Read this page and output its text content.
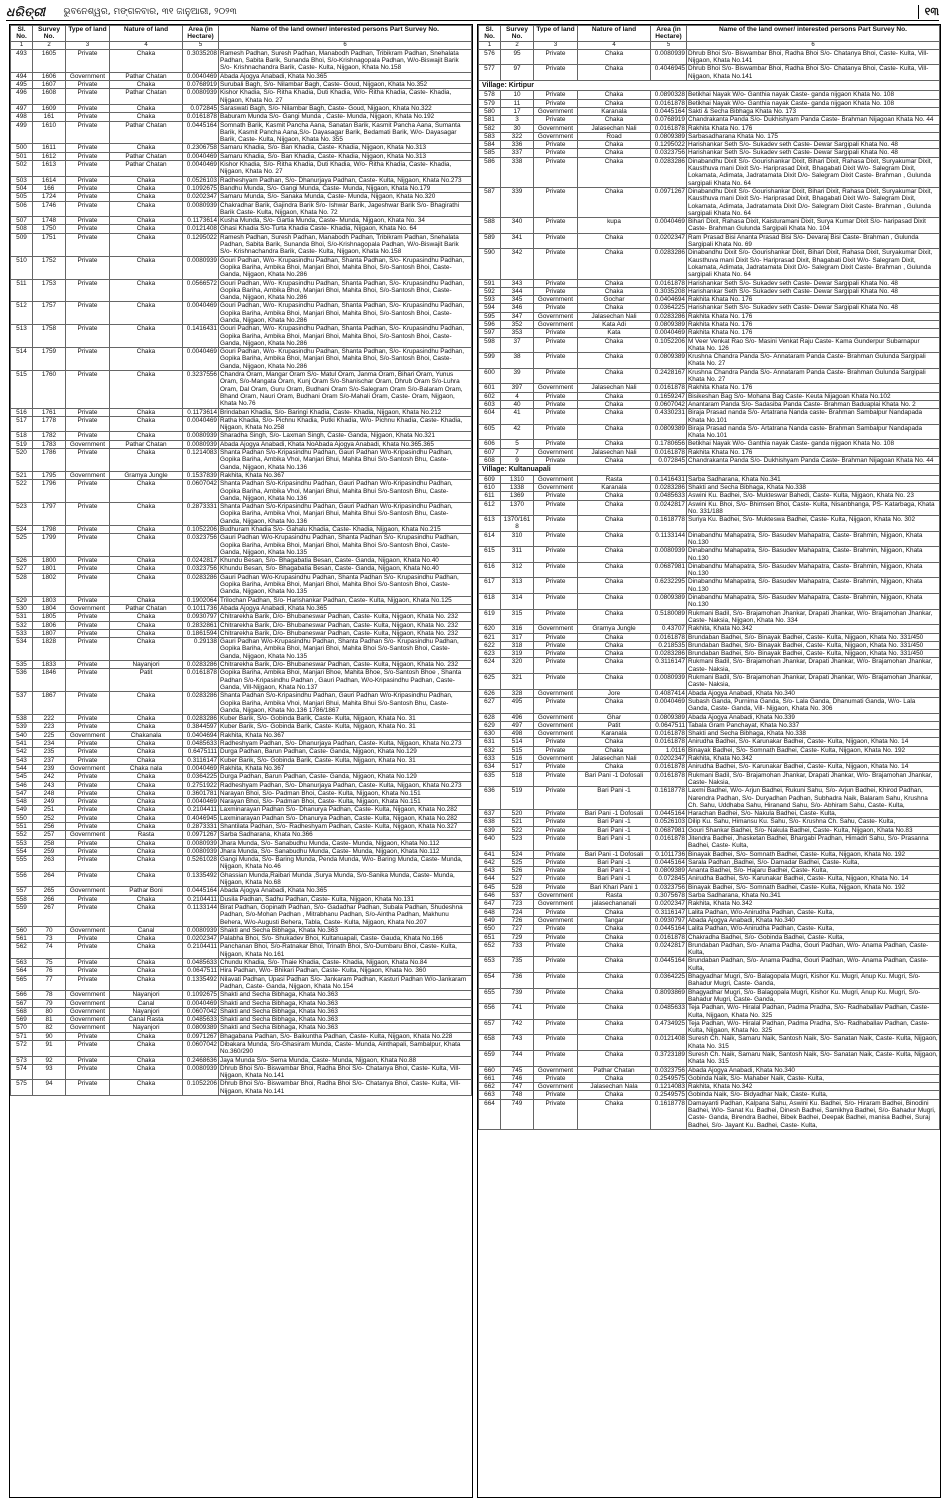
ଧରିତ୍ରୀ ଭୁବନେଶ୍ୱର, ମଙ୍ଗଳବାର, ୩୧ ଜାନୁଆରୀ, ୨୦୨୩	୧୩
Sl. No.	Survey No.	Type of land	Nature of land	Area (in Hectare)	Name of the land owner/ interested persons Part Survey No.
1	2	3	4	5	6
493	1605	Private	Chaka	0.3035208	Ramesh Padhan, Suresh Padhan, Manabodh Padhan, Tribikram Padhan, Snehalata Padhan, Sabita Barik, Sunanda Bhoi, S/o-Krishnagopala Padhan, W/o-Biswajit Barik S/o- Krishnachandra Barik, Caste- Kulta, Nijgaon, Khata No.158
494	1606	Government	Pathar Chatan	0.0040469	Abada Ajogya Anabadi, Khata No.365
495	1607	Private	Chaka	0.0768919	Surubali Bagh, S/o- Nilambar Bagh, Caste- Goud, Nijgaon, Khata No.352
496	1608	Private	Pathar Chatan	0.0080939	Kishor Khadia, S/o- Ritha Khadia, Duti Khadia, W/o- Ritha Khadia, Caste- Khadia, Nijgaon, Khata No. 27
497	1609	Private	Chaka	0.072845	Saraswati Bagh, S/o- Nilambar Bagh, Caste- Goud, Nijgaon, Khata No.322
498	161	Private	Chaka	0.0161878	Baburam Munda S/o- Gangi Munda , Caste- Munda, Nijgaon, Khata No.192
499	1610	Private	Pathar Chatan	0.0445164	Somnath Barik, Kasmit Pancha Aana, Sanatan Barik, Kasmit Pancha Aana, Sumanta Barik, Kasmit Pancha Aana,S/o- Dayasagar Barik, Bedamati Barik, W/o- Dayasagar Barik, Caste- Kulta, Nijgaon, Khata No. 355
500	1611	Private	Chaka	0.2306758	Samaru Khadia, S/o- Ban Khadia, Caste- Khadia, Nijgaon, Khata No.313
501	1612	Private	Pathar Chatan	0.0040469	Samaru Khadia, S/o- Ban Khadia, Caste- Khadia, Nijgaon, Khata No.313
502	1613	Private	Pathar Chatan	0.0040469	Kishor Khadia, S/o- Ritha Khadia, Duti Khadia, W/o- Ritha Khadia, Caste- Khadia, Nijgaon, Khata No. 27
503	1614	Private	Chaka	0.0526103	Radheshyam Padhan, S/o- Dhanurjaya Padhan, Caste- Kulta, Nijgaon, Khata No.273
504	166	Private	Chaka	0.1092675	Bandhu Munda, S/o- Gangi Munda, Caste- Munda, Nijgaon, Khata No.179
505	1724	Private	Chaka	0.0202347	Samaru Munda, S/o- Sanaka Munda, Caste- Munda, Nijgaon, Khata No.320
506	1746	Private	Chaka	0.0080939	Chakradhar Barik, Gajindra Barik S/o- Ishwar Barik, Jageshwar Barik S/o- Bhagirathi Barik Caste- Kulta, Nijgaon, Khata No. 72
507	1748	Private	Chaka	0.1173614	Kusha Munda, S/o- Gartia Munda, Caste- Munda, Nijgaon, Khata No. 34
508	1750	Private	Chaka	0.0121408	Ghasi Khadia S/o-Turta Khadia Caste- Khadia, Nijgaon, Khata No. 64
509	1751	Private	Chaka	0.1295022	Ramesh Padhan, Suresh Padhan, Manabodh Padhan, Tribikram Padhan, Snehalata Padhan, Sabita Barik, Sunanda Bhoi, S/o-Krishnagopala Padhan, W/o-Biswajit Barik S/o- Krishnachandra Barik, Caste- Kulta, Nijgaon, Khata No.158
510	1752	Private	Chaka	0.0080939	Gouri Padhan, W/o- Krupasindhu Padhan, Shanta Padhan, S/o- Krupasindhu Padhan, Gopika Bariha, Ambika Bhoi, Manjari Bhoi, Mahita Bhoi, S/o-Santosh Bhoi, Caste- Ganda, Nijgaon, Khata No.286
511	1753	Private	Chaka	0.0566572	Gouri Padhan, W/o- Krupasindhu Padhan, Shanta Padhan, S/o- Krupasindhu Padhan, Gopika Bariha, Ambika Bhoi, Manjari Bhoi, Mahita Bhoi, S/o-Santosh Bhoi, Caste- Ganda, Nijgaon, Khata No.286
512	1757	Private	Chaka	0.0040469	Gouri Padhan, W/o- Krupasindhu Padhan, Shanta Padhan, S/o- Krupasindhu Padhan, Gopika Bariha, Ambika Bhoi, Manjari Bhoi, Mahita Bhoi, S/o-Santosh Bhoi, Caste- Ganda, Nijgaon, Khata No.286
513	1758	Private	Chaka	0.1416431	Gouri Padhan, W/o- Krupasindhu Padhan, Shanta Padhan, S/o- Krupasindhu Padhan, Gopika Bariha, Ambika Bhoi, Manjari Bhoi, Mahita Bhoi, S/o-Santosh Bhoi, Caste- Ganda, Nijgaon, Khata No.286
514	1759	Private	Chaka	0.0040469	Gouri Padhan, W/o- Krupasindhu Padhan, Shanta Padhan, S/o- Krupasindhu Padhan, Gopika Bariha, Ambika Bhoi, Manjari Bhoi, Mahita Bhoi, S/o-Santosh Bhoi, Caste- Ganda, Nijgaon, Khata No.286
515	1760	Private	Chaka	0.3237556	Chandra Oram, Mangar Oram S/o- Matul Oram, Janma Oram, Bihari Oram, Yunus Oram, S/o-Mangata Oram, Kunj Oram S/o-Shanischar Oram, Dhrub Oram S/o-Luhra Oram, Dal Oram, Guru Oram, Budhani Oram S/o-Salegram Oram S/o-Balaram Oram, Bhand Oram, Nauri Oram, Budhani Oram S/o-Mahali Oram, Caste- Oram, Nijgaon, Khata No.76
516	1761	Private	Chaka	0.1173614	Brindaban Khadia, S/o- Baringi Khadia, Caste- Khadia, Nijgaon, Khata No.212
517	1778	Private	Chaka	0.0040469	Ratha Khadia, S/o- Pichnu Khadia, Putki Khadia, W/o- Pichnu Khadia, Caste- Khadia, Nijgaon, Khata No.258
518	1782	Private	Chaka	0.0080939	Sharadha Singh, S/o- Laxman Singh, Caste- Ganda, Nijgaon, Khata No.321
519	1783	Government	Pathar Chatan	0.0080939	Abada Ajogya Anabadi, Khata NoAbada Ajogya Anabadi, Khata No.365.365
520	1786	Private	Chaka	0.1214083	Shanta Padhan S/o-Kripasindhu Padhan, Gauri Padhan W/o-Kripasindhu Padhan, Gopika Bariha, Ambika Vhoi, Manjari Bhui, Mahita Bhui S/o-Santosh Bhu, Caste- Ganda, Nijgaon, Khata No.136
521	1795	Government	Gramya Jungle	0.1537839	Rakhita, Khata No.367
522	1796	Private	Chaka	0.0607042	Shanta Padhan S/o-Kripasindhu Padhan, Gauri Padhan W/o-Kripasindhu Padhan, Gopika Bariha, Ambika Vhoi, Manjari Bhui, Mahita Bhui S/o-Santosh Bhu, Caste- Ganda, Nijgaon, Khata No.136
523	1797	Private	Chaka	0.2873331	Shanta Padhan S/o-Kripasindhu Padhan, Gauri Padhan W/o-Kripasindhu Padhan, Gopika Bariha, Ambika Vhoi, Manjari Bhui, Mahita Bhui S/o-Santosh Bhu, Caste- Ganda, Nijgaon, Khata No.136
524	1798	Private	Chaka	0.1052206	Budhuram Khadia S/o- Gahalu Khadia, Caste- Khadia, Nijgaon, Khata No.215
525	1799	Private	Chaka	0.0323756	Gauri Padhan W/o-Krupasindhu Padhan, Shanta Padhan S/o- Krupasindhu Padhan, Gopika Bariha, Ambika Bhoi, Manjari Bhoi, Mahita Bhoi S/o-Santosh Bhoi, Caste- Ganda, Nijgaon, Khata No.135
526	1800	Private	Chaka	0.0242817	Khundu Besan, S/o- Bhagabatia Besan, Caste- Ganda, Nijgaon, Khata No.40
527	1801	Private	Chaka	0.0323756	Khundu Besan, S/o- Bhagabatia Besan, Caste- Ganda, Nijgaon, Khata No.40
528	1802	Private	Chaka	0.0283286	Gauri Padhan W/o-Krupasindhu Padhan, Shanta Padhan S/o- Krupasindhu Padhan, Gopika Bariha, Ambika Bhoi, Manjari Bhoi, Mahita Bhoi S/o-Santosh Bhoi, Caste- Ganda, Nijgaon, Khata No.135
529	1803	Private	Chaka	0.1902064	Trilochan Padhan, S/o- Harishankar Padhan, Caste- Kulta, Nijgaon, Khata No.125
530	1804	Government	Pathar Chatan	0.1011736	Abada Ajogya Anabadi, Khata No.365
531	1805	Private	Chaka	0.0930797	Chitrarekha Barik, D/o- Bhubaneswar Padhan, Caste- Kulta, Nijgaon, Khata No. 232
532	1806	Private	Chaka	0.2832861	Chitrarekha Barik, D/o- Bhubaneswar Padhan, Caste- Kulta, Nijgaon, Khata No. 232
533	1807	Private	Chaka	0.1861594	Chitrarekha Barik, D/o- Bhubaneswar Padhan, Caste- Kulta, Nijgaon, Khata No. 232
534	1828	Private	Chaka	0.29138	Gauri Padhan W/o-Krupasindhu Padhan, Shanta Padhan S/o- Krupasindhu Padhan, Gopika Bariha, Ambika Bhoi, Manjari Bhoi, Mahita Bhoi S/o-Santosh Bhoi, Caste- Ganda, Nijgaon, Khata No.135
535	1833	Private	Nayanjori	0.0283286	Chitrarekha Barik, D/o- Bhubaneswar Padhan, Caste- Kulta, Nijgaon, Khata No. 232
536	1846	Private	Patit	0.0161878	Gopika Bariha, Ambika Bhoi, Manjari Bhoe, Mahita Bhoe, S/o-Santosh Bhoe , Shanta Padhan S/o-Kripasindhu Padhan , Gauri Padhan, W/o-Kripasindhu Padhan, Caste- Ganda, Vill-Nijgaon, Khata No.137
537	1867	Private	Chaka	0.0283286	Shanta Padhan S/o-Kripasindhu Padhan, Gauri Padhan W/o-Kripasindhu Padhan, Gopika Bariha, Ambika Vhoi, Manjari Bhui, Mahita Bhui S/o-Santosh Bhu, Caste- Ganda, Nijgaon, Khata No.136 1786/1867
538	222	Private	Chaka	0.0283286	Kuber Barik, S/o- Gobinda Barik, Caste- Kulta, Nijgaon, Khata No. 31
539	223	Private	Chaka	0.3844597	Kuber Barik, S/o- Gobinda Barik, Caste- Kulta, Nijgaon, Khata No. 31
540	225	Government	Chakanala	0.0404694	Rakhita, Khata No.367
541	234	Private	Chaka	0.0485633	Radheshyam Padhan, S/o- Dhanurjaya Padhan, Caste- Kulta, Nijgaon, Khata No.273
542	235	Private	Chaka	0.6475111	Durga Padhan, Barun Padhan, Caste- Ganda, Nijgaon, Khata No.129
543	237	Private	Chaka	0.3116147	Kuber Barik, S/o- Gobinda Barik, Caste- Kulta, Nijgaon, Khata No. 31
544	239	Government	Chaka nala	0.0040469	Rakhita, Khata No.367
545	242	Private	Chaka	0.0364225	Durga Padhan, Barun Padhan, Caste- Ganda, Nijgaon, Khata No.129
546	243	Private	Chaka	0.2751922	Radheshyam Padhan, S/o- Dhanurjaya Padhan, Caste- Kulta, Nijgaon, Khata No.273
547	248	Private	Chaka	0.3601781	Narayan Bhoi, S/o- Padman Bhoi, Caste- Kulta, Nijgaon, Khata No.151
548	249	Private	Chaka	0.0040469	Narayan Bhoi, S/o- Padman Bhoi, Caste- Kulta, Nijgaon, Khata No.151
549	251	Private	Chaka	0.2104411	Laxminarayan Padhan S/o- Dhanurya Padhan, Caste- Kulta, Nijgaon, Khata No.282
550	252	Private	Chaka	0.4046945	Laxminarayan Padhan S/o- Dhanurya Padhan, Caste- Kulta, Nijgaon, Khata No.282
551	256	Private	Chaka	0.2873331	Shantilata Padhan, S/o- Radheshyam Padhan, Caste- Kulta, Nijgaon, Khata No.327
552	257	Government	Rasta	0.0971267	Sarba Sadharana, Khata No.366
553	258	Private	Chaka	0.0080939	Jhara Munda, S/o- Sanabudhu Munda, Caste- Munda, Nijgaon, Khata No.112
554	259	Private	Chaka	0.0080939	Jhara Munda, S/o- Sanabudhu Munda, Caste- Munda, Nijgaon, Khata No.112
555	263	Private	Chaka	0.5261028	Gangi Munda, S/o- Baring Munda, Penda Munda, W/o- Baring Munda, Caste- Munda, Nijgaon, Khata No.46
556	264	Private	Chaka	0.1335492	Ghassian Munda,Raibari Munda ,Surya Munda, S/o-Sanika Munda, Caste- Munda, Nijgaon, Khata No.68
557	265	Government	Pathar Boni	0.0445164	Abada Ajogya Anabadi, Khata No.365
558	266	Private	Chaka	0.2104411	Dusila Padhan, Sadhu Padhan, Caste- Kulta, Nijgaon, Khata No.131
559	267	Private	Chaka	0.1133144	Birat Padhan, Gopinath Padhan, S/o- Gadadhar Padhan, Subala Padhan, Shudeshna Padhan, S/o-Mohan Padhan , Mitrabhanu Padhan, S/o-Aintha Padhan, Makhunu Behera, W/o-Augusti Behera, Tabla, Caste- Kulta, Nijgaon, Khata No.207
560	70	Government	Canal	0.0080939	Shakti and Secha Bibhaga, Khata No.363
561	73	Private	Chaka	0.0202347	Palabha Bhoi, S/o- Shukadev Bhoi, Kultanuapali, Caste- Gauda, Khata No.166
562	74	Private	Chaka	0.2104411	Panchanan Bhoi, S/o-Ratnakar Bhoi, Trinath Bhoi, S/o-Dumbaru Bhoi, Caste- Kulta, Nijgaon, Khata No.161
563	75	Private	Chaka	0.0485633	Chundu Khadia, S/o- Thaie Khadia, Caste- Khadia, Nijgaon, Khata No.84
564	76	Private	Chaka	0.0647511	Hira Padhan, W/o- Bhikari Padhan, Caste- Kulta, Nijgaon, Khata No. 360
565	77	Private	Chaka	0.1335492	Nilavati Padhan, Upasi Padhan S/o- Jankaram Padhan, Kasturi Padhan W/o-Jankaram Padhan, Caste- Ganda, Nijgaon, Khata No.154
566	78	Government	Nayanjori	0.1092675	Shakti and Secha Bibhaga, Khata No.363
567	79	Government	Canal	0.0040469	Shakti and Secha Bibhaga, Khata No.363
568	80	Government	Nayanjori	0.0607042	Shakti and Secha Bibhaga, Khata No.363
569	81	Government	Canal Rasta	0.0485633	Shakti and Secha Bibhaga, Khata No.363
570	82	Government	Nayanjori	0.0809389	Shakti and Secha Bibhaga, Khata No.363
571	90	Private	Chaka	0.0971267	Bhagabana Padhan, S/o- Baikuntha Padhan, Caste- Kulta, Nijgaon, Khata No.228
572	91	Private	Chaka	0.0607042	Dibakara Munda, S/o-Ghasiram Munda, Caste- Munda, Ainthapali, Sambalpur, Khata No.360/290
573	92	Private	Chaka	0.2468636	Jaya Munda S/o- Sema Munda, Caste- Munda, Nijgaon, Khata No.88
574	93	Private	Chaka	0.0080939	Dhrub Bhoi S/o- Biswambar Bhoi, Radha Bhoi S/o- Chatanya Bhoi, Caste- Kulta, Vill-Nijgaon, Khata No.141
575	94	Private	Chaka	0.1052206	Dhrub Bhoi S/o- Biswambar Bhoi, Radha Bhoi S/o- Chatanya Bhoi, Caste- Kulta, Vill-Nijgaon, Khata No.141
Sl. No.	Survey No.	Type of land	Nature of land	Area (in Hectare)	Name of the land owner/ interested persons Part Survey No.
1	2	3	4	5	6
576	95	Private	Chaka	0.0080939	Dhrub Bhoi S/o- Biswambar Bhoi, Radha Bhoi S/o- Chatanya Bhoi, Caste- Kulta, Vill-Nijgaon, Khata No.141
577	97	Private	Chaka	0.4046945	Dhrub Bhoi S/o- Biswambar Bhoi, Radha Bhoi S/o- Chatanya Bhoi, Caste- Kulta, Vill-Nijgaon, Khata No.141
Village: Kirtipur					
578	10	Private	Chaka	0.0890328	Betikhai Nayak W/o- Ganthia nayak Caste- ganda nijgaon Khata No. 108
579	11	Private	Chaka	0.0161878	Betikhai Nayak W/o- Ganthia nayak Caste- ganda nijgaon Khata No. 108
580	17	Government	Karanala	0.0445164	Sakti & Secha Bibhaga Khata No. 173
581	3	Private	Chaka	0.0768919	Chandrakanta Panda S/o- Dukhishyam Panda Caste- Brahman Nijagoan Khata No. 44
582	30	Government	Jalasechan Nali	0.0161878	Rakhita Khata No. 176
583	322	Government	Road	0.0809389	Sarbasadharana Khata No. 175
584	336	Private	Chaka	0.1295022	Harishankar Seth S/o- Sukadev seth Caste- Dewar Sargipali Khata No. 48
585	337	Private	Chaka	0.0323756	Harishankar Seth S/o- Sukadev seth Caste- Dewar Sargipali Khata No. 48
586	338	Private	Chaka	0.0283286	Dinabandhu Dixit S/o- Gourishankar Dixit, Bihari Dixit, Rahasa Dixit, Suryakumar Dixit, Kausthuva mani Dixit S/o- Hariprasad Dixit, Bhagabati Dixit W/o- Salegram Dixit, Lokamata, Adimata, Jadratamata Dixit D/o- Salegram Dixit Caste- Brahman , Gulunda sargipali Khata No. 64
587	339	Private	Chaka	0.0971267	Dinabandhu Dixit S/o- Gourishankar Dixit, Bihari Dixit, Rahasa Dixit, Suryakumar Dixit, Kausthuva mani Dixit S/o- Hariprasad Dixit, Bhagabati Dixit W/o- Salegram Dixit, Lokamata, Adimata, Jadratamata Dixit D/o- Salegram Dixit Caste- Brahman , Gulunda sargipali Khata No. 64
588	340	Private	kupa	0.0040469	Bihari Dixit, Rahasa Dixit, Kaisturamani Dixit, Surya Kumar Dixit S/o- haripasad Dixit Caste- Brahman Gulunda Sargipali Khata No. 104
589	341	Private	Chaka	0.0202347	Ram Prasad Bisi Ananta Prasad Bisi S/o- Devaraj Bisi Caste- Brahman , Gulunda Sargipali Khata No. 69
590	342	Private	Chaka	0.0283286	Dinabandhu Dixit S/o- Gourishankar Dixit, Bihari Dixit, Rahasa Dixit, Suryakumar Dixit, Kausthuva mani Dixit S/o- Hariprasad Dixit, Bhagabati Dixit W/o- Salegram Dixit, Lokamata, Adimata, Jadratamata Dixit D/o- Salegram Dixit Caste- Brahman , Gulunda sargipali Khata No. 64
591	343	Private	Chaka	0.0161878	Harishankar Seth S/o- Sukadev seth Caste- Dewar Sargipali Khata No. 48
592	344	Private	Chaka	0.3035208	Harishankar Seth S/o- Sukadev seth Caste- Dewar Sargipali Khata No. 48
593	345	Government	Gochar	0.0404694	Rakhita Khata No. 176
594	346	Private	Chaka	0.0364225	Harishankar Seth S/o- Sukadev seth Caste- Dewar Sargipali Khata No. 48
595	347	Government	Jalasechan Nali	0.0283286	Rakhita Khata No. 176
596	352	Government	Kata Adi	0.0809389	Rakhita Khata No. 176
597	353	Private	Kata	0.0040469	Rakhita Khata No. 176
598	37	Private	Chaka	0.1052206	M Veer Venkat Rao S/o- Masini Venkat Raju Caste- Kama Gunderpur Subarnapur Khata No. 126
599	38	Private	Chaka	0.0809389	Krushna Chandra Panda S/o- Annataram Panda Caste- Brahman Gulunda Sargipali Khata No. 27
600	39	Private	Chaka	0.2428167	Krushna Chandra Panda S/o- Annataram Panda Caste- Brahman Gulunda Sargipali Khata No. 27
601	397	Government	Jalasechan Nali	0.0161878	Rakhita Khata No. 176
602	4	Private	Chaka	0.1659247	Bisikeshan Bag S/o- Mohana Bag Caste- Keuta Nijagoan Khata No.102
603	40	Private	Chaka	0.0607042	Anantaram Panda S/o- Sadasiba Panda Caste- Brahman Baduaplai Khata No. 2
604	41	Private	Chaka	0.4330231	Biraja Prasad nanda S/o- Artatrana Nanda caste- Brahman Sambalpur Nandapada Khata No.101
605	42	Private	Chaka	0.0809389	Biraja Prasad nanda S/o- Artatrana Nanda caste- Brahman Sambalpur Nandapada Khata No.101
606	5	Private	Chaka	0.1780656	Betikhai Nayak W/o- Ganthia nayak Caste- ganda nijgaon Khata No. 108
607	7	Government	Jalasechan Nali	0.0161878	Rakhita Khata No. 176
608	9	Private	Chaka	0.072845	Chandrakanta Panda S/o- Dukhishyam Panda Caste- Brahman Nijagoan Khata No. 44
Village: Kultanuapali					
609	1310	Government	Rasta	0.1416431	Sarba Sadharana, Khata No.341
610	1338	Government	Karanala	0.0283286	Shakti and Secha Bibhaga, Khata No.338
611	1369	Private	Chaka	0.0485633	Aswini Ku. Badhei, S/o- Mukteswar Bahedi, Caste- Kulta, Nijgaon, Khata No. 23
612	1370	Private	Chaka	0.0242817	Aswini Ku. Bhoi, S/o- Bhimsen Bhoi, Caste- Kulta, Nisanbhanga, PS- Katarbaga, Khata No. 331/188
613	1370/1618	Private	Chaka	0.1618778	Suriya Ku. Badhei, S/o- Mukteswa Badhei, Caste- Kulta, Nijgaon, Khata No. 302
614	310	Private	Chaka	0.1133144	Dinabandhu Mahapatra, S/o- Basudev Mahapatra, Caste- Brahmin, Nijgaon, Khata No.130
615	311	Private	Chaka	0.0080939	Dinabandhu Mahapatra, S/o- Basudev Mahapatra, Caste- Brahmin, Nijgaon, Khata No.130
616	312	Private	Chaka	0.0687981	Dinabandhu Mahapatra, S/o- Basudev Mahapatra, Caste- Brahmin, Nijgaon, Khata No.130
617	313	Private	Chaka	0.6232295	Dinabandhu Mahapatra, S/o- Basudev Mahapatra, Caste- Brahmin, Nijgaon, Khata No.130
618	314	Private	Chaka	0.0809389	Dinabandhu Mahapatra, S/o- Basudev Mahapatra, Caste- Brahmin, Nijgaon, Khata No.130
619	315	Private	Chaka	0.5180089	Rukmani Badil, S/o- Brajamohan Jhankar, Drapati Jhankar, W/o- Brajamohan Jhankar, Caste- Naksia, Nijgaon, Khata No. 334
620	316	Government	Gramya Jungle	0.43707	Rakhita, Khata No.342
621	317	Private	Chaka	0.0161878	Brundaban Badhei, S/o- Binayak Badhei, Caste- Kulta, Nijgaon, Khata No. 331/450
622	318	Private	Chaka	0.218535	Brundaban Badhei, S/o- Binayak Badhei, Caste- Kulta, Nijgaon, Khata No. 331/450
623	319	Private	Chaka	0.0283286	Brundaban Badhei, S/o- Binayak Badhei, Caste- Kulta, Nijgaon, Khata No. 331/450
624	320	Private	Chaka	0.3116147	Rukmani Badil, S/o- Brajamohan Jhankar, Drapati Jhankar, W/o- Brajamohan Jhankar, Caste- Naksia,
625	321	Private	Chaka	0.0080939	Rukmani Badil, S/o- Brajamohan Jhankar, Drapati Jhankar, W/o- Brajamohan Jhankar, Caste- Naksia,
626	328	Government	Jore	0.4087414	Abada Ajogya Anabadi, Khata No.340
627	495	Private	Chaka	0.0040469	Subash Ganda, Purnima Ganda, S/o- Lala Ganda, Dhanumati Ganda, W/o- Lala Ganda, Caste- Ganda, Vill- Nijgaon, Khata No. 306
628	496	Government	Ghar	0.0809389	Abada Ajogya Anabadi, Khata No.339
629	497	Government	Patit	0.0647511	Tabala Gram Panchayat, Khata No.337
630	498	Government	Karanala	0.0161878	Shakti and Secha Bibhaga, Khata No.338
631	514	Private	Chaka	0.0161878	Anirudha Badhei, S/o- Karunakar Badhei, Caste- Kulta, Nijgaon, Khata No. 14
632	515	Private	Chaka	1.0116	Binayak Badhei, S/o- Somnath Badhei, Caste- Kulta, Nijgaon, Khata No. 192
633	516	Government	Jalasechan Nali	0.0202347	Rakhita, Khata No.342
634	517	Private	Chaka	0.0161878	Anirudha Badhei, S/o- Karunakar Badhei, Caste- Kulta, Nijgaon, Khata No. 14
635	518	Private	Bari Pani -1 Dofosali	0.0161878	Rukmani Badil, S/o- Brajamohan Jhankar, Drapati Jhankar, W/o- Brajamohan Jhankar, Caste- Naksia,
636	519	Private	Bari Pani -1	0.1618778	Laxmi Badhei, W/o- Arjun Badhei, Rukuni Sahu, S/o- Arjun Badhei, Khirod Padhan, Narendra Padhan, S/o- Duryadhan Padhan, Subhadra Naik, Balaram Sahu, Krushna Ch. Sahu, Uddhaba Sahu, Hiranand Sahu, S/o- Abhiram Sahu, Caste- Kulta,
637	520	Private	Bari Pani -1 Dofosali	0.0445164	Harachan Badhei, S/o- Nakula Badhei, Caste- Kulta,
638	521	Private	Bari Pani -1	0.0526103	Dilip Ku. Sahu, Himansu Ku. Sahu, S/o- Krushna Ch. Sahu, Caste- Kulta,
639	522	Private	Bari Pani -1	0.0687981	Gouri Shankar Badhei, S/o- Nakula Badhei, Caste- Kulta, Nijgaon, Khata No.83
640	523	Private	Bari Pani -1	0.0161878	Jitendra Badhei, Jhasketan Badhei, Bhargabi Pradhan, Himadri Sahu, S/o- Prasanna Badhei, Caste- Kulta,
641	524	Private	Bari Pani -1 Dofosali	0.1011736	Binayak Badhei, S/o- Somnath Badhei, Caste- Kulta, Nijgaon, Khata No. 192
642	525	Private	Bari Pani -1	0.0445164	Sarala Padhan ,Badhei, S/o- Damadar Badhei, Caste- Kulta,
643	526	Private	Bari Pani -1	0.0809389	Ananta Badhei, S/o- Hajaru Badhei, Caste- Kulta,
644	527	Private	Bari Pani -1	0.072845	Anirudha Badhei, S/o- Karunakar Badhei, Caste- Kulta, Nijgaon, Khata No. 14
645	528	Private	Bari Khari Pani 1	0.0323756	Binayak Badhei, S/o- Somnath Badhei, Caste- Kulta, Nijgaon, Khata No. 192
646	537	Government	Rasta	0.3075678	Sarba Sadharana, Khata No.341
647	723	Government	jalasechananali	0.0202347	Rakhita, Khata No.342
648	724	Private	Chaka	0.3116147	Lalita Padhan, W/o-Anirudha Padhan, Caste- Kulta,
649	726	Government	Tangar	0.0930797	Abada Ajogya Anabadi, Khata No.340
650	727	Private	Chaka	0.0445164	Lalita Padhan, W/o-Anirudha Padhan, Caste- Kulta,
651	729	Private	Chaka	0.0161878	Chakradha Badhei, S/o- Gobinda Badhei, Caste- Kulta,
652	733	Private	Chaka	0.0242817	Brundaban Padhan, S/o- Anama Padha, Gouri Padhan, W/o- Anama Padhan, Caste- Kulta,
653	735	Private	Chaka	0.0445164	Brundaban Padhan, S/o- Anama Padha, Gouri Padhan, W/o- Anama Padhan, Caste- Kulta,
654	736	Private	Chaka	0.0364225	Bhagyadhar Mugri, S/o- Balagopala Mugri, Kishor Ku. Mugri, Anup Ku. Mugri, S/o- Bahadur Mugri, Caste- Ganda,
655	739	Private	Chaka	0.8093869	Bhagyadhar Mugri, S/o- Balagopala Mugri, Kishor Ku. Mugri, Anup Ku. Mugri, S/o- Bahadur Mugri, Caste- Ganda,
656	741	Private	Chaka	0.0485633	Teja Padhan, W/o- Hiralal Padhan, Padma Pradha, S/o- Radhaballav Padhan, Caste- Kulta, Nijgaon, Khata No. 325
657	742	Private	Chaka	0.4734925	Teja Padhan, W/o- Hiralal Padhan, Padma Pradha, S/o- Radhaballav Padhan, Caste- Kulta, Nijgaon, Khata No. 325
658	743	Private	Chaka	0.0121408	Suresh Ch. Naik, Samaru Naik, Santosh Naik, S/o- Sanatan Naik, Caste- Kulta, Nijgaon, Khata No. 315
659	744	Private	Chaka	0.3723189	Suresh Ch. Naik, Samaru Naik, Santosh Naik, S/o- Sanatan Naik, Caste- Kulta, Nijgaon, Khata No. 315
660	745	Government	Pathar Chatan	0.0323756	Abada Ajogya Anabadi, Khata No.340
661	746	Private	Chaka	0.2549575	Gobinda Naik, S/o- Mahaber Naik, Caste- Kulta,
662	747	Government	Jalasechan Nala	0.1214083	Rakhita, Khata No.342
663	748	Private	Chaka	0.2549575	Gobinda Naik, S/o- Bidyadhar Naik, Caste- Kulta,
664	749	Private	Chaka	0.1618778	Damayanti Padhan, Kalpana Sahu, Aswini Ku. Badhei, S/o- Hiraram Badhei, Binodini Badhei, W/o- Sanat Ku. Badhei, Dinesh Badhei, Samikhya Badhei, S/o- Bahadur Mugri, Caste- Ganda, Birendra Badhei, Bibek Badhei, Deepak Badhei, manisa Badhei, Suraj Badhei, S/o- Jayant Ku. Badhei, Caste- Kulta,
